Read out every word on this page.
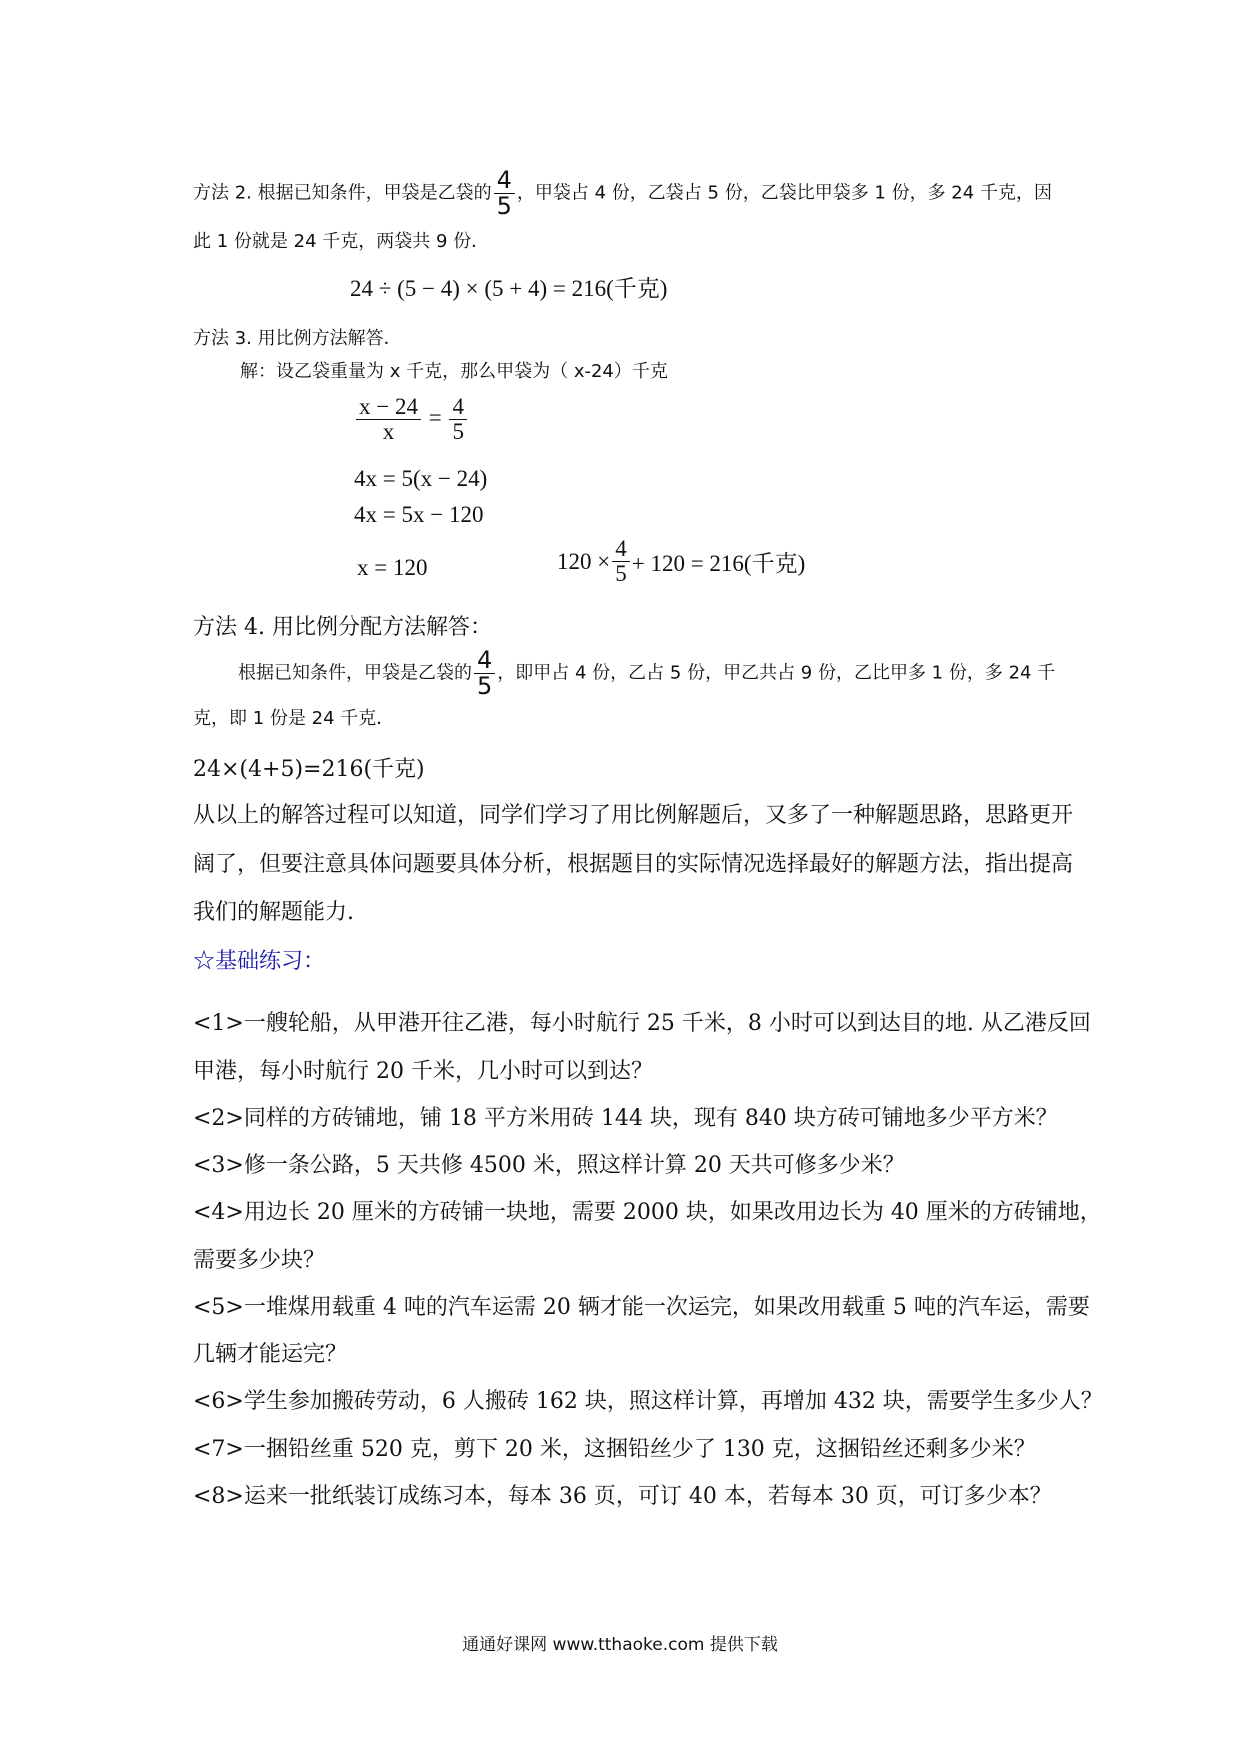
方法 2. 根据已知条件，甲袋是乙袋的 $\frac{4}{5}$ ，甲袋占 4 份，乙袋占 5 份，乙袋比甲袋多 1 份，多 24 千克，因
此 1 份就是 24 千克，两袋共 9 份．
24 ÷ (5 − 4) × (5 + 4) = 216(千克)
方法 3. 用比例方法解答．
解：设乙袋重量为 x 千克，那么甲袋为（ x-24）千克
$\frac{x - 24}{x} = \frac{4}{5}$
4x = 5(x − 24)
4x = 5x − 120
x = 120	$120 \times \frac{4}{5} + 120 = 216$(千克)
方法 4. 用比例分配方法解答：
根据已知条件，甲袋是乙袋的 $\frac{4}{5}$ ，即甲占 4 份，乙占 5 份，甲乙共占 9 份，乙比甲多 1 份，多 24 千
克，即 1 份是 24 千克．
24×(4+5)=216(千克)
从以上的解答过程可以知道，同学们学习了用比例解题后，又多了一种解题思路，思路更开
阔了，但要注意具体问题要具体分析，根据题目的实际情况选择最好的解题方法，指出提高
我们的解题能力.
☆基础练习：
<1>一艘轮船，从甲港开往乙港，每小时航行 25 千米，8 小时可以到达目的地. 从乙港反回
甲港，每小时航行 20 千米，几小时可以到达？
<2>同样的方砖铺地，铺 18 平方米用砖 144 块，现有 840 块方砖可铺地多少平方米？
<3>修一条公路，5 天共修 4500 米，照这样计算 20 天共可修多少米？
<4>用边长 20 厘米的方砖铺一块地，需要 2000 块，如果改用边长为 40 厘米的方砖铺地，
需要多少块？
<5>一堆煤用载重 4 吨的汽车运需 20 辆才能一次运完，如果改用载重 5 吨的汽车运，需要
几辆才能运完？
<6>学生参加搬砖劳动，6 人搬砖 162 块，照这样计算，再增加 432 块，需要学生多少人？
<7>一捆铅丝重 520 克，剪下 20 米，这捆铅丝少了 130 克，这捆铅丝还剩多少米？
<8>运来一批纸装订成练习本，每本 36 页，可订 40 本，若每本 30 页，可订多少本？
通通好课网 www.tthaoke.com 提供下载
